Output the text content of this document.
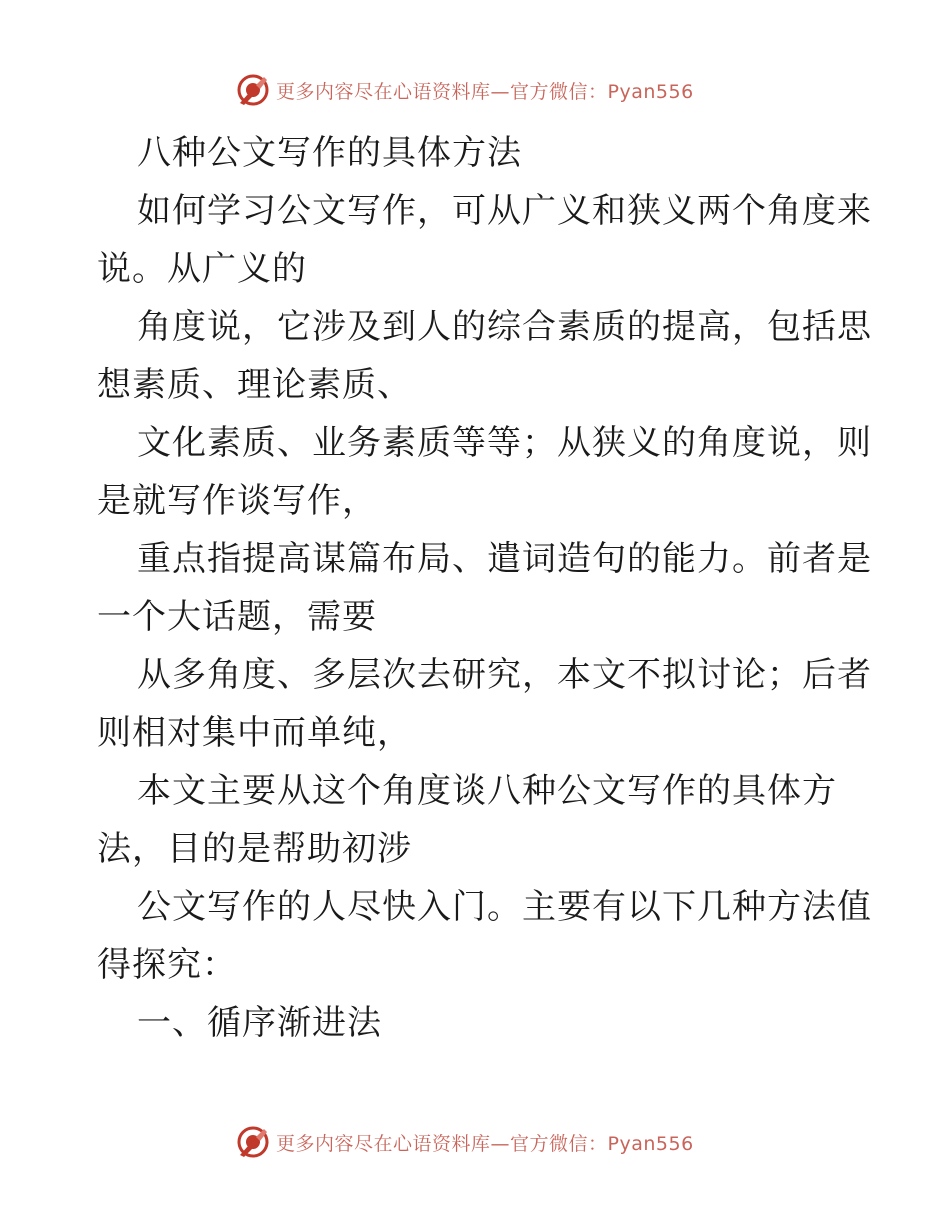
更多内容尽在心语资料库—官方微信：Pyan556
八种公文写作的具体方法
如何学习公文写作，可从广义和狭义两个角度来
说。从广义的
角度说，它涉及到人的综合素质的提高，包括思
想素质、理论素质、
文化素质、业务素质等等；从狭义的角度说，则
是就写作谈写作，
重点指提高谋篇布局、遣词造句的能力。前者是
一个大话题，需要
从多角度、多层次去研究，本文不拟讨论；后者
则相对集中而单纯，
本文主要从这个角度谈八种公文写作的具体方
法，目的是帮助初涉
公文写作的人尽快入门。主要有以下几种方法值
得探究：
一、循序渐进法
更多内容尽在心语资料库—官方微信：Pyan556
